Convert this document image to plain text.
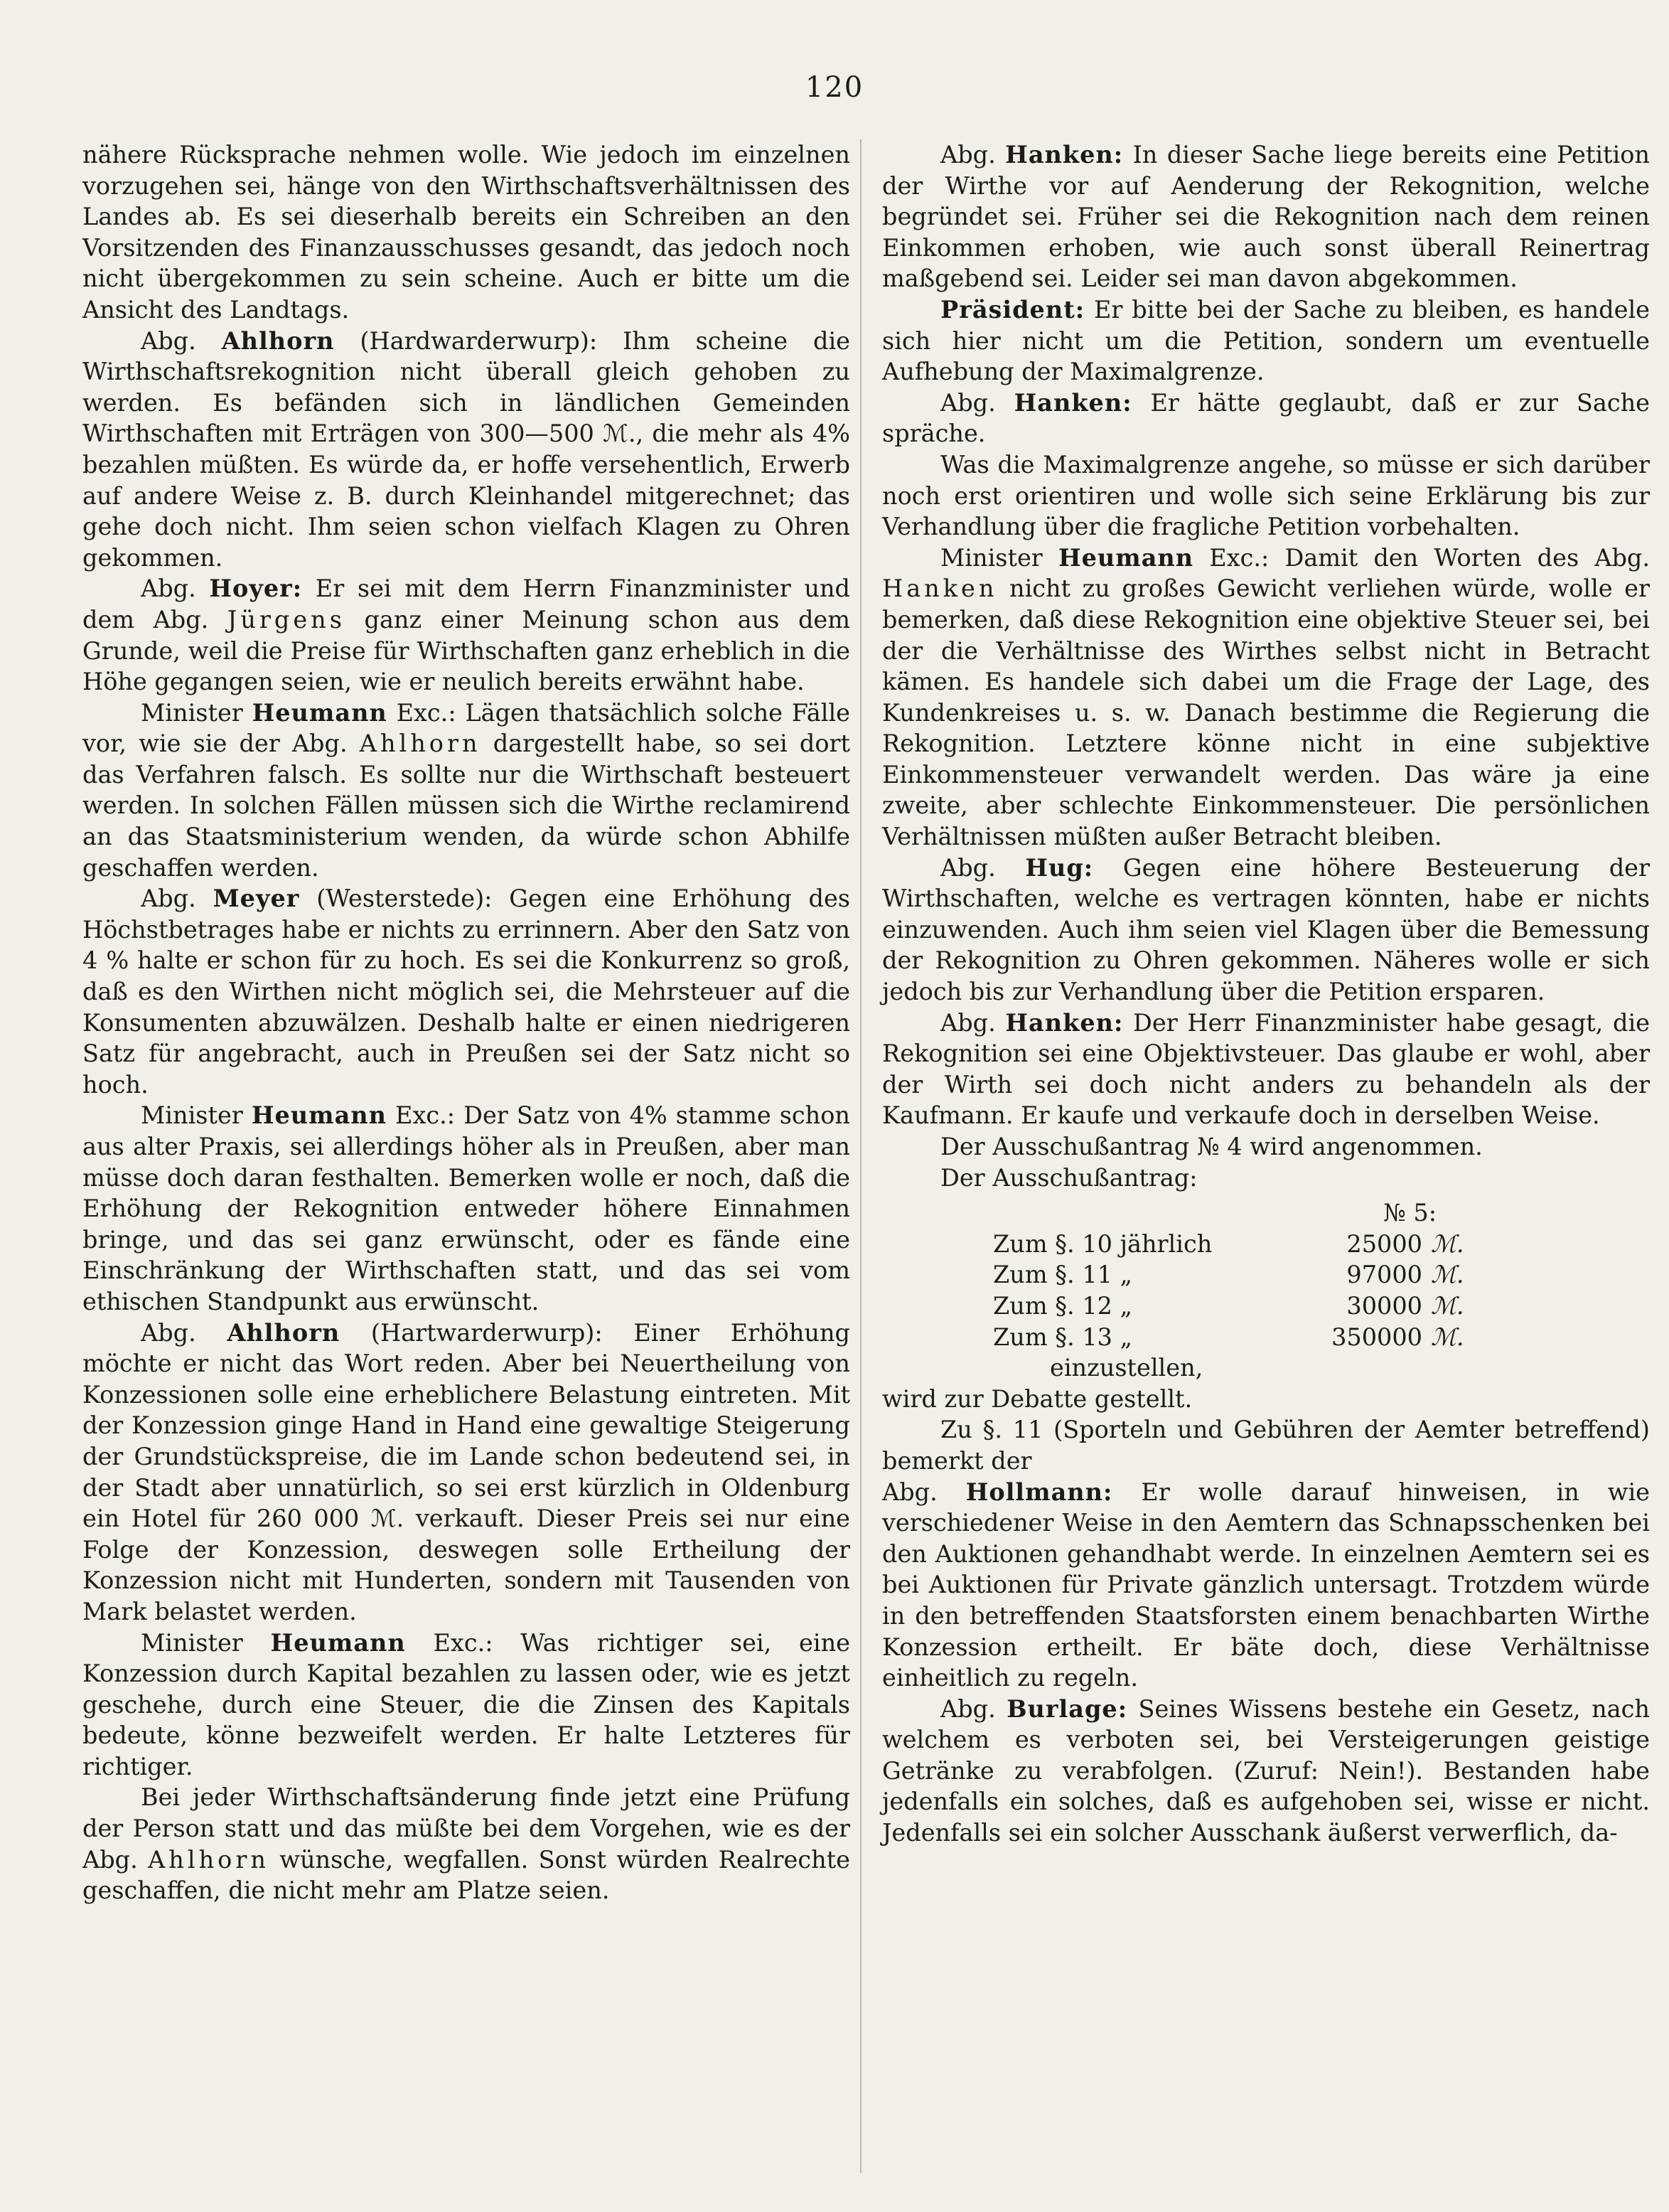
120

nähere Rücksprache nehmen wolle. Wie jedoch im einzelnen vorzugehen sei, hänge von den Wirthschaftsverhältnissen des Landes ab. Es sei dieserhalb bereits ein Schreiben an den Vorsitzenden des Finanzausschusses gesandt, das jedoch noch nicht übergekommen zu sein scheine. Auch er bitte um die Ansicht des Landtags.

Abg. Ahlhorn (Hardwarderwurp): Ihm scheine die Wirthschaftsrekognition nicht überall gleich gehoben zu werden. Es befänden sich in ländlichen Gemeinden Wirthschaften mit Erträgen von 300—500 ℳ., die mehr als 4% bezahlen müßten. Es würde da, er hoffe versehentlich, Erwerb auf andere Weise z. B. durch Kleinhandel mitgerechnet; das gehe doch nicht. Ihm seien schon vielfach Klagen zu Ohren gekommen.

Abg. Hoyer: Er sei mit dem Herrn Finanzminister und dem Abg. Jürgens ganz einer Meinung schon aus dem Grunde, weil die Preise für Wirthschaften ganz erheblich in die Höhe gegangen seien, wie er neulich bereits erwähnt habe.

Minister Heumann Exc.: Lägen thatsächlich solche Fälle vor, wie sie der Abg. Ahlhorn dargestellt habe, so sei dort das Verfahren falsch. Es sollte nur die Wirthschaft besteuert werden. In solchen Fällen müssen sich die Wirthe reclamirend an das Staatsministerium wenden, da würde schon Abhilfe geschaffen werden.

Abg. Meyer (Westerstede): Gegen eine Erhöhung des Höchstbetrages habe er nichts zu errinnern. Aber den Satz von 4 % halte er schon für zu hoch. Es sei die Konkurrenz so groß, daß es den Wirthen nicht möglich sei, die Mehrsteuer auf die Konsumenten abzuwälzen. Deshalb halte er einen niedrigeren Satz für angebracht, auch in Preußen sei der Satz nicht so hoch.

Minister Heumann Exc.: Der Satz von 4% stamme schon aus alter Praxis, sei allerdings höher als in Preußen, aber man müsse doch daran festhalten. Bemerken wolle er noch, daß die Erhöhung der Rekognition entweder höhere Einnahmen bringe, und das sei ganz erwünscht, oder es fände eine Einschränkung der Wirthschaften statt, und das sei vom ethischen Standpunkt aus erwünscht.

Abg. Ahlhorn (Hartwarderwurp): Einer Erhöhung möchte er nicht das Wort reden. Aber bei Neuertheilung von Konzessionen solle eine erheblichere Belastung eintreten. Mit der Konzession ginge Hand in Hand eine gewaltige Steigerung der Grundstückspreise, die im Lande schon bedeutend sei, in der Stadt aber unnatürlich, so sei erst kürzlich in Oldenburg ein Hotel für 260 000 ℳ. verkauft. Dieser Preis sei nur eine Folge der Konzession, deswegen solle Ertheilung der Konzession nicht mit Hunderten, sondern mit Tausenden von Mark belastet werden.

Minister Heumann Exc.: Was richtiger sei, eine Konzession durch Kapital bezahlen zu lassen oder, wie es jetzt geschehe, durch eine Steuer, die die Zinsen des Kapitals bedeute, könne bezweifelt werden. Er halte Letzteres für richtiger.

Bei jeder Wirthschaftsänderung finde jetzt eine Prüfung der Person statt und das müßte bei dem Vorgehen, wie es der Abg. Ahlhorn wünsche, wegfallen. Sonst würden Realrechte geschaffen, die nicht mehr am Platze seien.

Abg. Hanken: In dieser Sache liege bereits eine Petition der Wirthe vor auf Aenderung der Rekognition, welche begründet sei. Früher sei die Rekognition nach dem reinen Einkommen erhoben, wie auch sonst überall Reinertrag maßgebend sei. Leider sei man davon abgekommen.

Präsident: Er bitte bei der Sache zu bleiben, es handele sich hier nicht um die Petition, sondern um eventuelle Aufhebung der Maximalgrenze.

Abg. Hanken: Er hätte geglaubt, daß er zur Sache spräche.

Was die Maximalgrenze angehe, so müsse er sich darüber noch erst orientiren und wolle sich seine Erklärung bis zur Verhandlung über die fragliche Petition vorbehalten.

Minister Heumann Exc.: Damit den Worten des Abg. Hanken nicht zu großes Gewicht verliehen würde, wolle er bemerken, daß diese Rekognition eine objektive Steuer sei, bei der die Verhältnisse des Wirthes selbst nicht in Betracht kämen. Es handele sich dabei um die Frage der Lage, des Kundenkreises u. s. w. Danach bestimme die Regierung die Rekognition. Letztere könne nicht in eine subjektive Einkommensteuer verwandelt werden. Das wäre ja eine zweite, aber schlechte Einkommensteuer. Die persönlichen Verhältnissen müßten außer Betracht bleiben.

Abg. Hug: Gegen eine höhere Besteuerung der Wirthschaften, welche es vertragen könnten, habe er nichts einzuwenden. Auch ihm seien viel Klagen über die Bemessung der Rekognition zu Ohren gekommen. Näheres wolle er sich jedoch bis zur Verhandlung über die Petition ersparen.

Abg. Hanken: Der Herr Finanzminister habe gesagt, die Rekognition sei eine Objektivsteuer. Das glaube er wohl, aber der Wirth sei doch nicht anders zu behandeln als der Kaufmann. Er kaufe und verkaufe doch in derselben Weise.

Der Ausschußantrag № 4 wird angenommen.

Der Ausschußantrag:

№ 5:
Zum §. 10 jährlich	25000 ℳ.
Zum §. 11 „	97000 ℳ.
Zum §. 12 „	30000 ℳ.
Zum §. 13 „	350000 ℳ.
einzustellen,

wird zur Debatte gestellt.

Zu §. 11 (Sporteln und Gebühren der Aemter betreffend) bemerkt der

Abg. Hollmann: Er wolle darauf hinweisen, in wie verschiedener Weise in den Aemtern das Schnapsschenken bei den Auktionen gehandhabt werde. In einzelnen Aemtern sei es bei Auktionen für Private gänzlich untersagt. Trotzdem würde in den betreffenden Staatsforsten einem benachbarten Wirthe Konzession ertheilt. Er bäte doch, diese Verhältnisse einheitlich zu regeln.

Abg. Burlage: Seines Wissens bestehe ein Gesetz, nach welchem es verboten sei, bei Versteigerungen geistige Getränke zu verabfolgen. (Zuruf: Nein!). Bestanden habe jedenfalls ein solches, daß es aufgehoben sei, wisse er nicht. Jedenfalls sei ein solcher Ausschank äußerst verwerflich, da-
